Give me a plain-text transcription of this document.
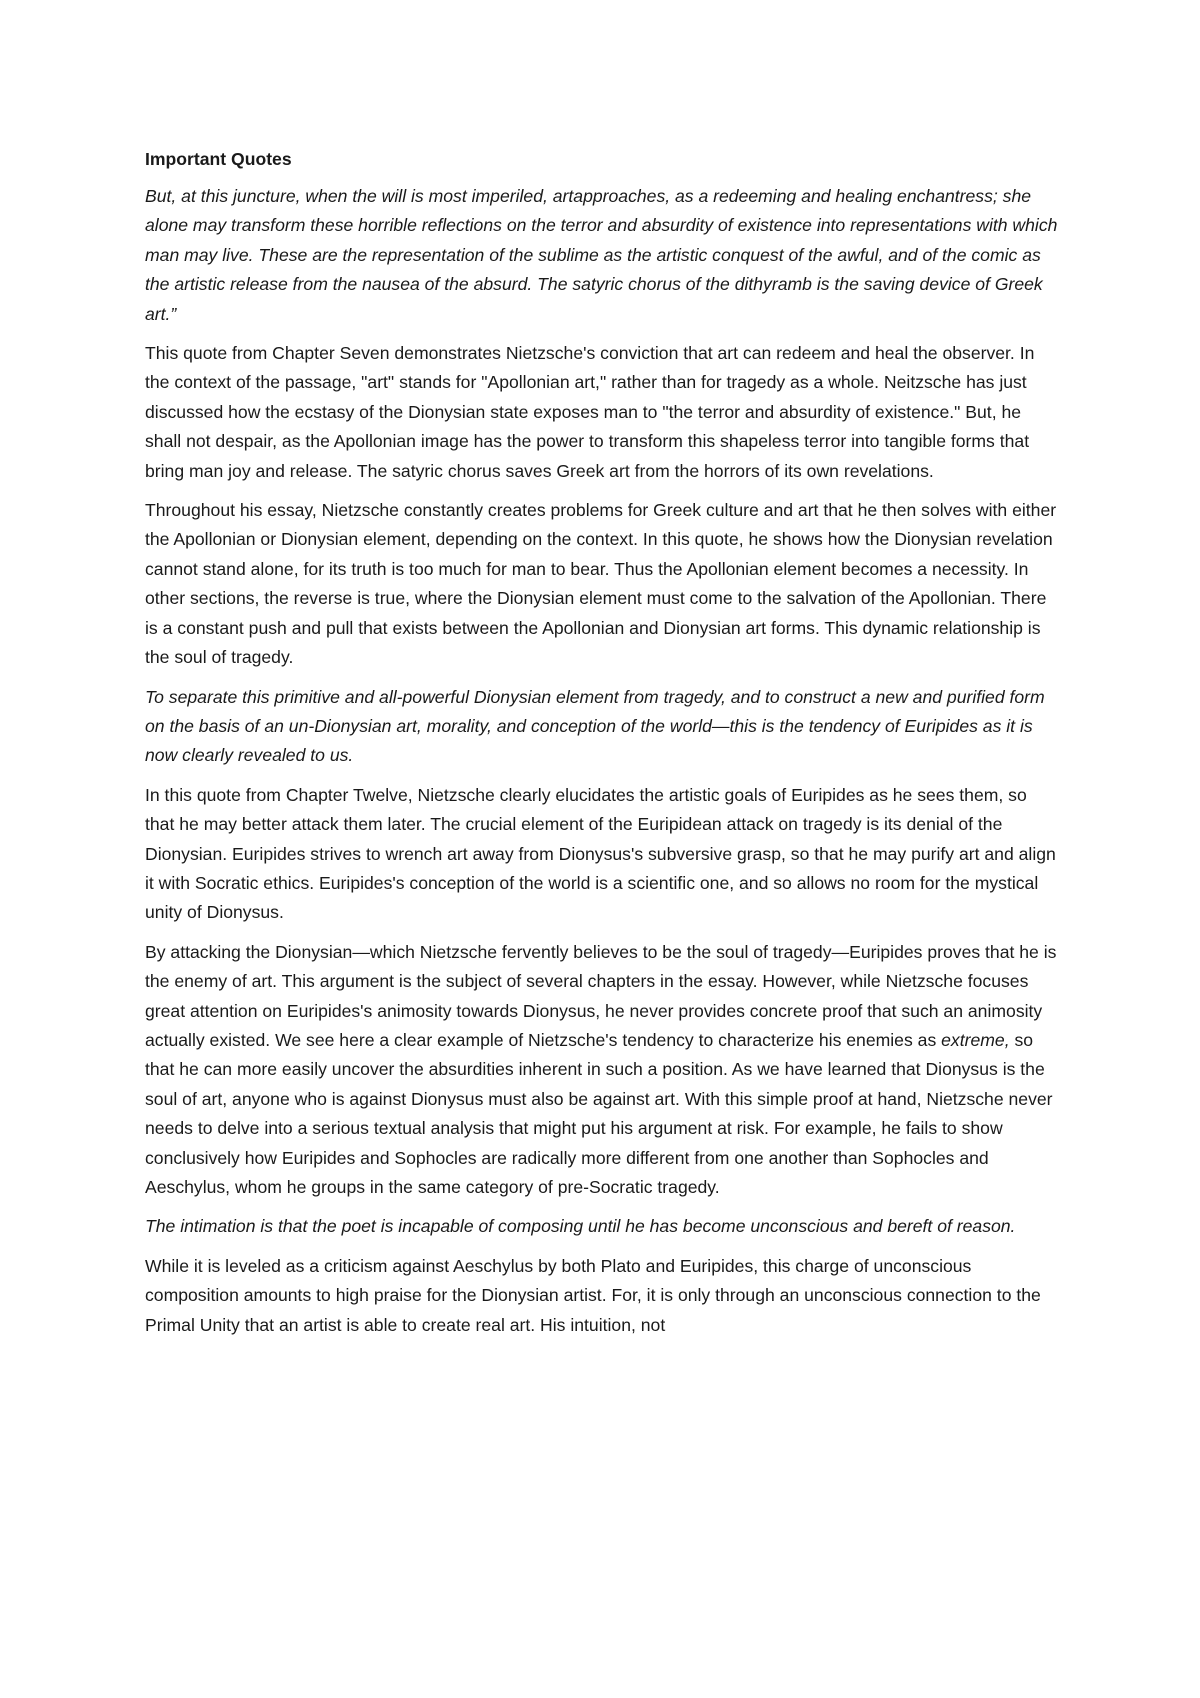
Important Quotes

But, at this juncture, when the will is most imperiled, artapproaches, as a redeeming and healing enchantress; she alone may transform these horrible reflections on the terror and absurdity of existence into representations with which man may live. These are the representation of the sublime as the artistic conquest of the awful, and of the comic as the artistic release from the nausea of the absurd. The satyric chorus of the dithyramb is the saving device of Greek art.”

This quote from Chapter Seven demonstrates Nietzsche's conviction that art can redeem and heal the observer. In the context of the passage, "art" stands for "Apollonian art," rather than for tragedy as a whole. Neitzsche has just discussed how the ecstasy of the Dionysian state exposes man to "the terror and absurdity of existence." But, he shall not despair, as the Apollonian image has the power to transform this shapeless terror into tangible forms that bring man joy and release. The satyric chorus saves Greek art from the horrors of its own revelations.

Throughout his essay, Nietzsche constantly creates problems for Greek culture and art that he then solves with either the Apollonian or Dionysian element, depending on the context. In this quote, he shows how the Dionysian revelation cannot stand alone, for its truth is too much for man to bear. Thus the Apollonian element becomes a necessity. In other sections, the reverse is true, where the Dionysian element must come to the salvation of the Apollonian. There is a constant push and pull that exists between the Apollonian and Dionysian art forms. This dynamic relationship is the soul of tragedy.

To separate this primitive and all-powerful Dionysian element from tragedy, and to construct a new and purified form on the basis of an un-Dionysian art, morality, and conception of the world—this is the tendency of Euripides as it is now clearly revealed to us.

In this quote from Chapter Twelve, Nietzsche clearly elucidates the artistic goals of Euripides as he sees them, so that he may better attack them later. The crucial element of the Euripidean attack on tragedy is its denial of the Dionysian. Euripides strives to wrench art away from Dionysus's subversive grasp, so that he may purify art and align it with Socratic ethics. Euripides's conception of the world is a scientific one, and so allows no room for the mystical unity of Dionysus.

By attacking the Dionysian—which Nietzsche fervently believes to be the soul of tragedy—Euripides proves that he is the enemy of art. This argument is the subject of several chapters in the essay. However, while Nietzsche focuses great attention on Euripides's animosity towards Dionysus, he never provides concrete proof that such an animosity actually existed. We see here a clear example of Nietzsche's tendency to characterize his enemies as extreme, so that he can more easily uncover the absurdities inherent in such a position. As we have learned that Dionysus is the soul of art, anyone who is against Dionysus must also be against art. With this simple proof at hand, Nietzsche never needs to delve into a serious textual analysis that might put his argument at risk. For example, he fails to show conclusively how Euripides and Sophocles are radically more different from one another than Sophocles and Aeschylus, whom he groups in the same category of pre-Socratic tragedy.

The intimation is that the poet is incapable of composing until he has become unconscious and bereft of reason.

While it is leveled as a criticism against Aeschylus by both Plato and Euripides, this charge of unconscious composition amounts to high praise for the Dionysian artist. For, it is only through an unconscious connection to the Primal Unity that an artist is able to create real art. His intuition, not
